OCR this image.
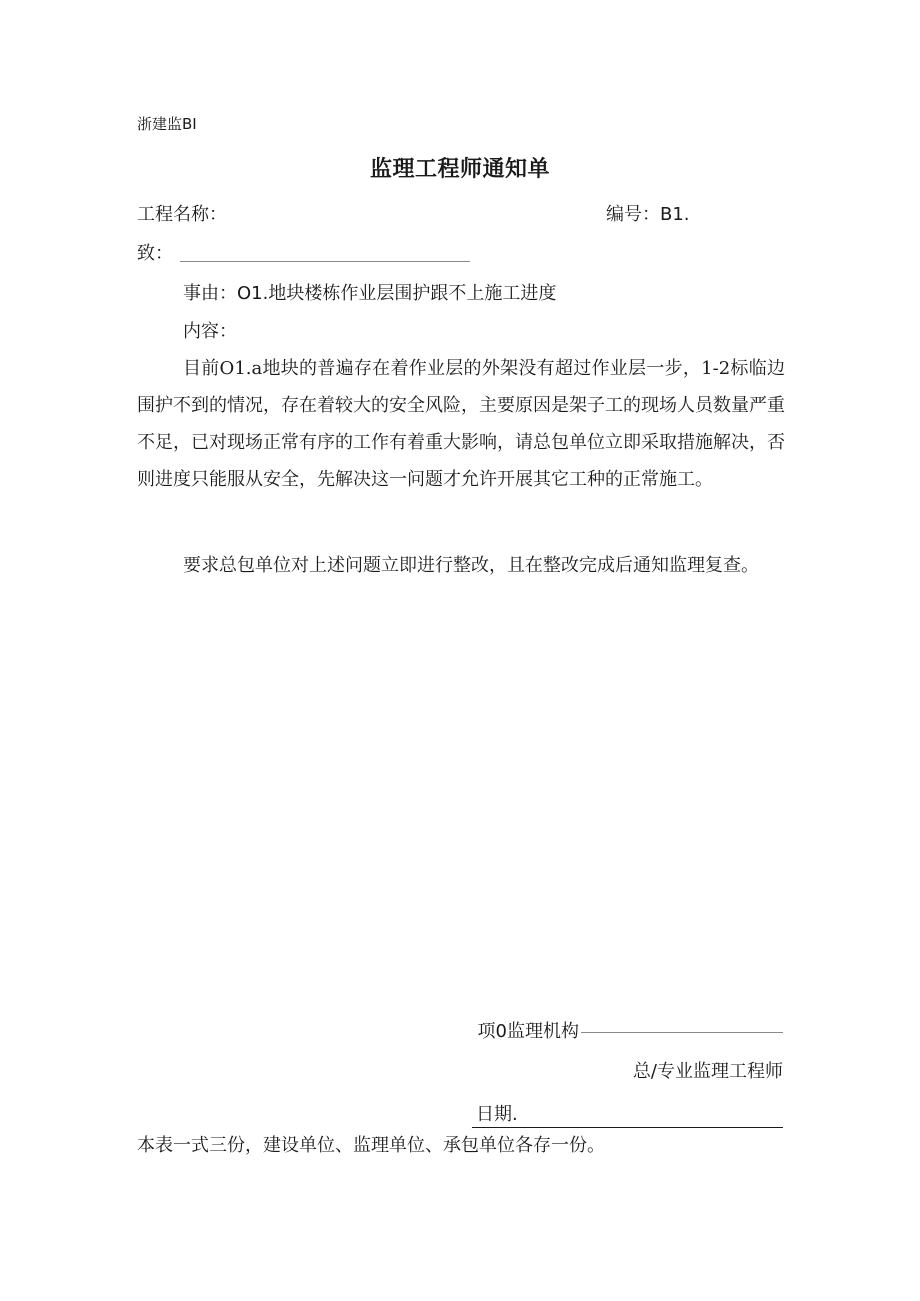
浙建监BI
监理工程师通知单
工程名称：	编号：B1.
致：
事由：O1.地块楼栋作业层围护跟不上施工进度
内容：

目前O1.a地块的普遍存在着作业层的外架没有超过作业层一步，1-2标临边围护不到的情况，存在着较大的安全风险，主要原因是架子工的现场人员数量严重不足，已对现场正常有序的工作有着重大影响，请总包单位立即采取措施解决，否则进度只能服从安全，先解决这一问题才允许开展其它工种的正常施工。

要求总包单位对上述问题立即进行整改，且在整改完成后通知监理复查。

项0监理机构
总/专业监理工程师
日期.
本表一式三份，建设单位、监理单位、承包单位各存一份。
